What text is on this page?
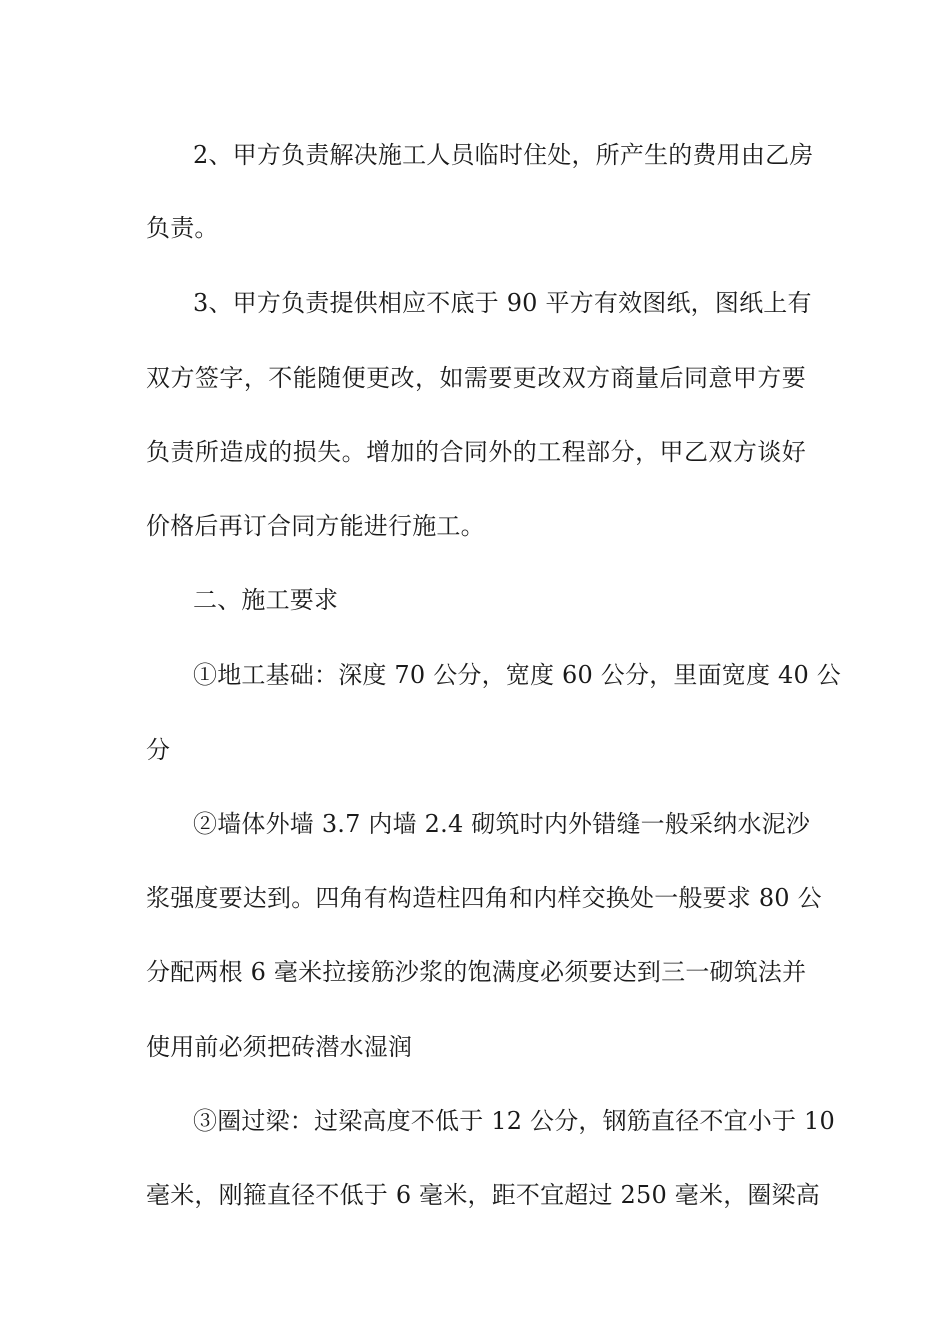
2、甲方负责解决施工人员临时住处，所产生的费用由乙房
负责。
3、甲方负责提供相应不底于 90 平方有效图纸，图纸上有
双方签字，不能随便更改，如需要更改双方商量后同意甲方要
负责所造成的损失。增加的合同外的工程部分，甲乙双方谈好
价格后再订合同方能进行施工。
二、施工要求
①地工基础：深度 70 公分，宽度 60 公分，里面宽度 40 公
分
②墙体外墙 3.7 内墙 2.4 砌筑时内外错缝一般采纳水泥沙
浆强度要达到。四角有构造柱四角和内样交换处一般要求 80 公
分配两根 6 毫米拉接筋沙浆的饱满度必须要达到三一砌筑法并
使用前必须把砖潜水湿润
③圈过梁：过梁高度不低于 12 公分，钢筋直径不宜小于 10
毫米，刚箍直径不低于 6 毫米，距不宜超过 250 毫米，圈梁高
